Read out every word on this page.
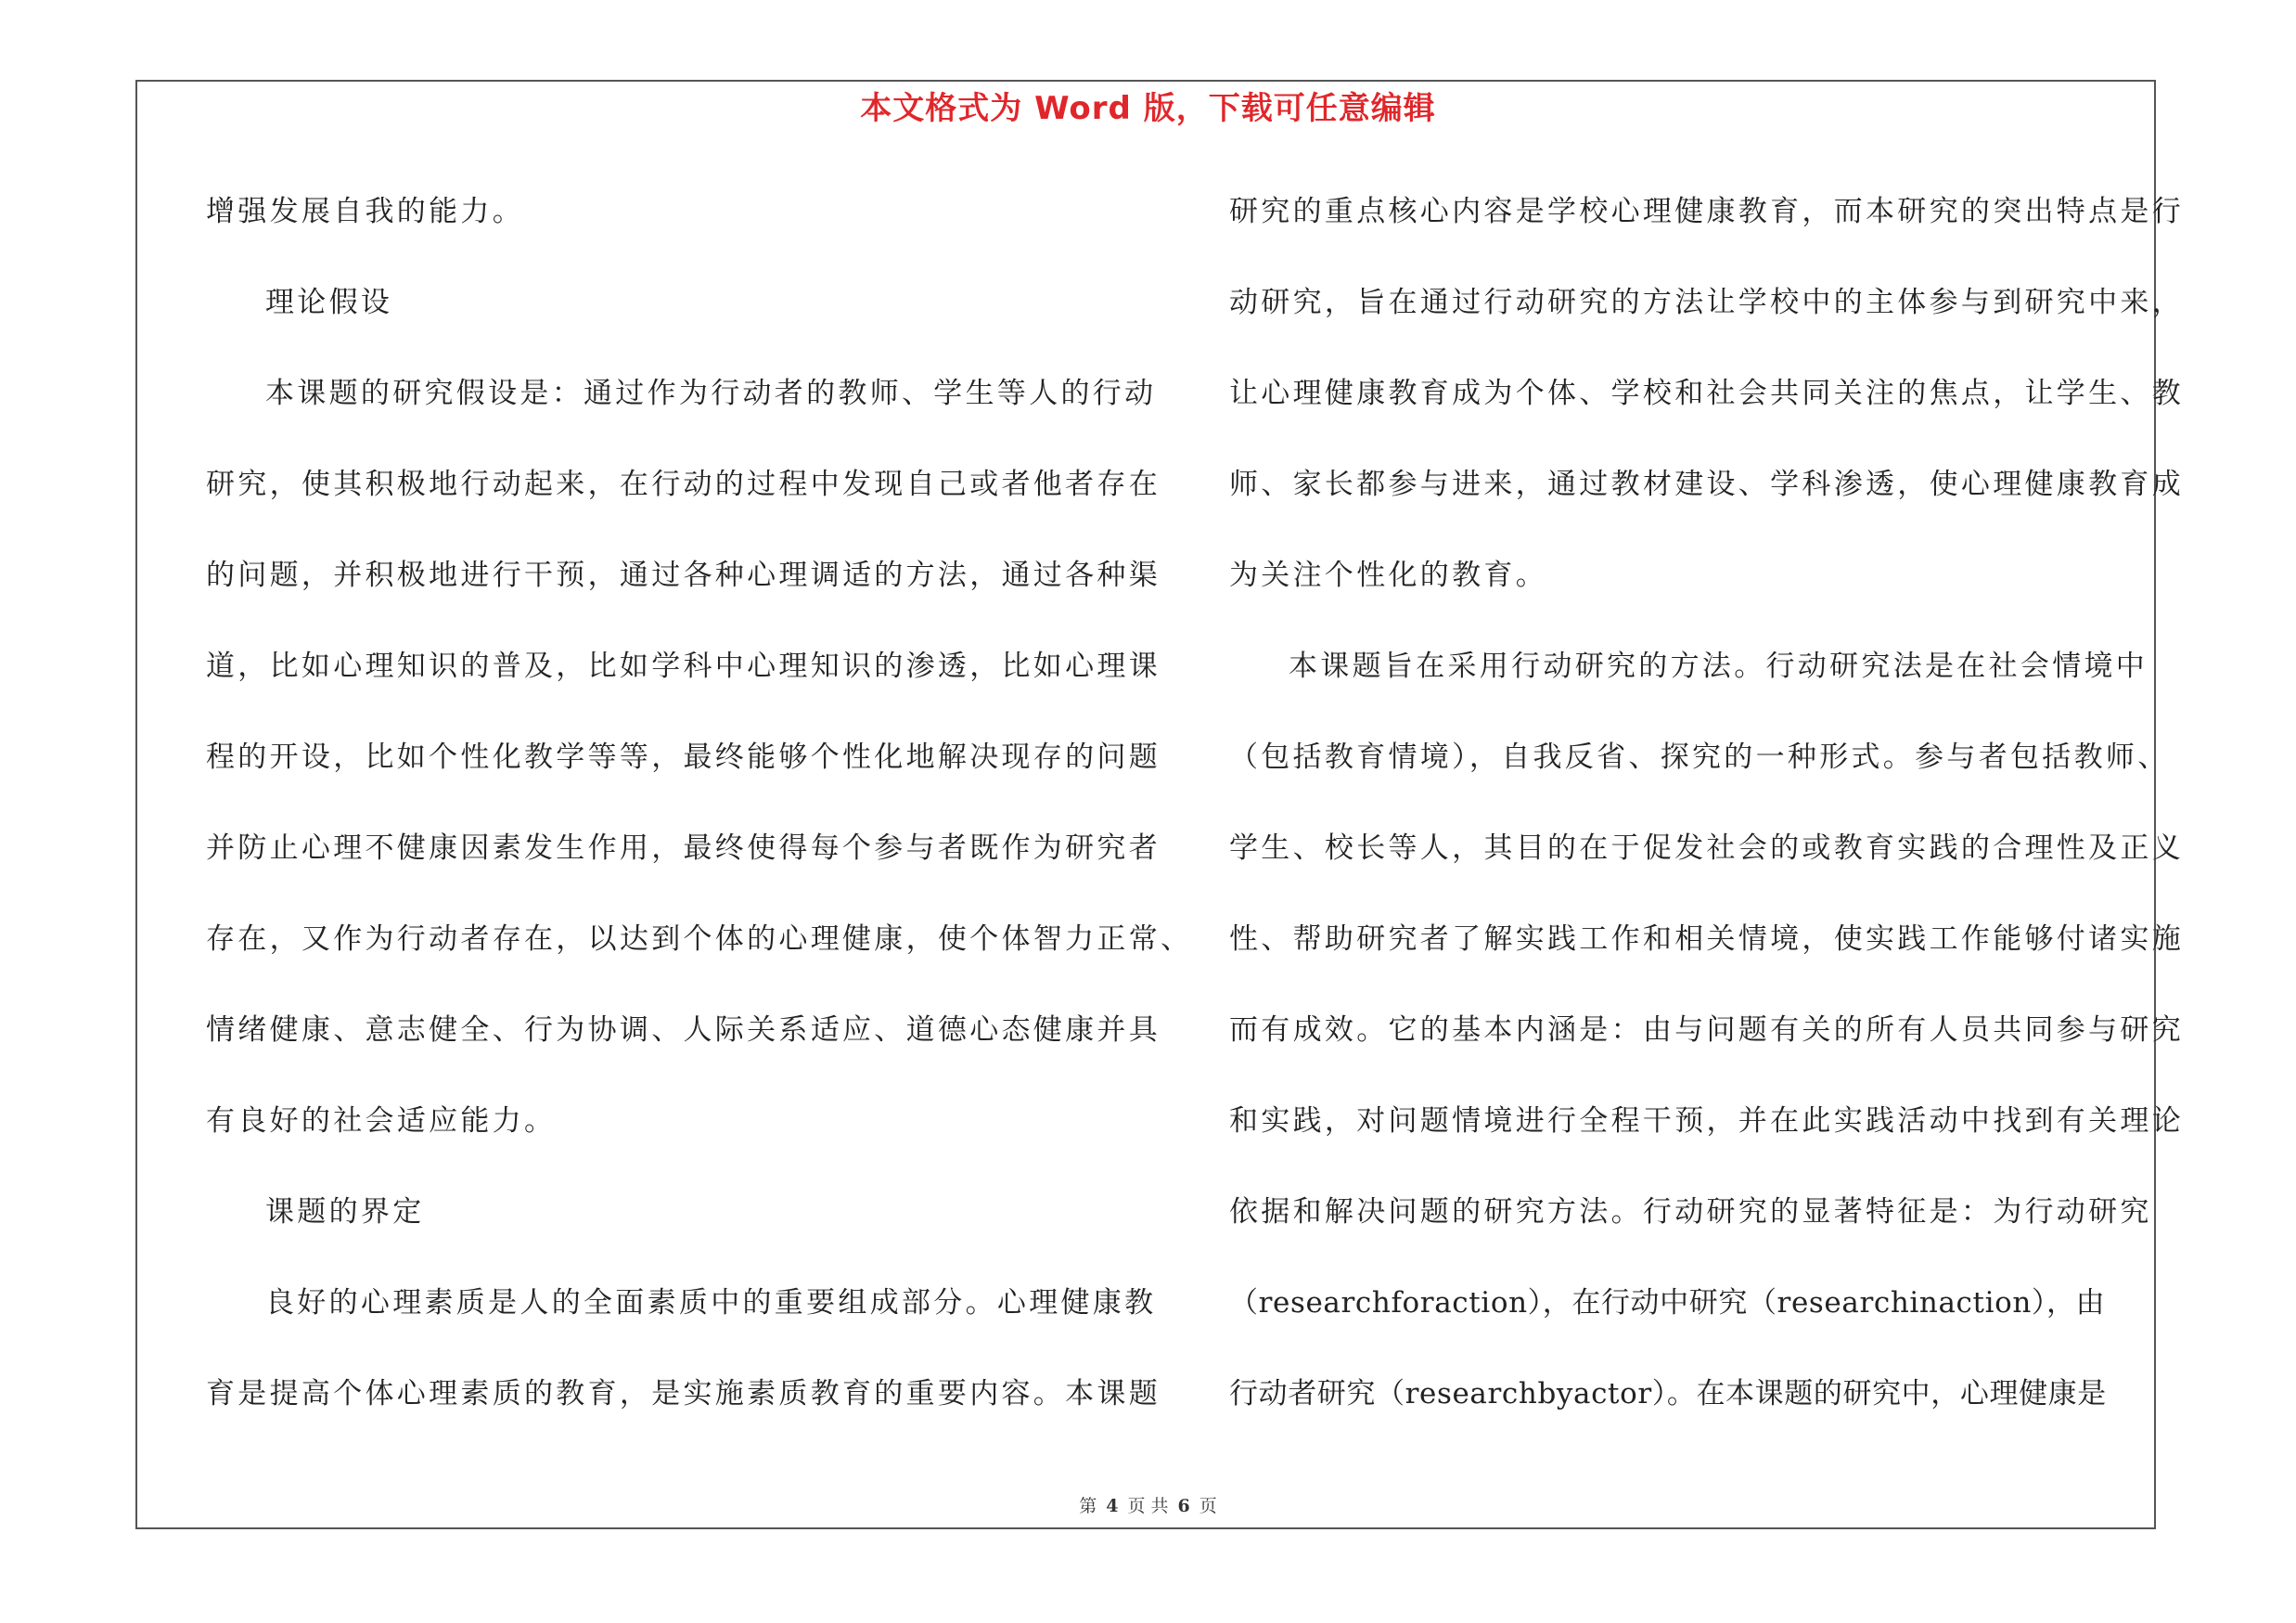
本文格式为 Word 版，下载可任意编辑
增强发展自我的能力。
理论假设
本课题的研究假设是：通过作为行动者的教师、学生等人的行动
研究，使其积极地行动起来，在行动的过程中发现自己或者他者存在
的问题，并积极地进行干预，通过各种心理调适的方法，通过各种渠
道，比如心理知识的普及，比如学科中心理知识的渗透，比如心理课
程的开设，比如个性化教学等等，最终能够个性化地解决现存的问题
并防止心理不健康因素发生作用，最终使得每个参与者既作为研究者
存在，又作为行动者存在，以达到个体的心理健康，使个体智力正常、
情绪健康、意志健全、行为协调、人际关系适应、道德心态健康并具
有良好的社会适应能力。
课题的界定
良好的心理素质是人的全面素质中的重要组成部分。心理健康教
育是提高个体心理素质的教育，是实施素质教育的重要内容。本课题
研究的重点核心内容是学校心理健康教育，而本研究的突出特点是行
动研究，旨在通过行动研究的方法让学校中的主体参与到研究中来，
让心理健康教育成为个体、学校和社会共同关注的焦点，让学生、教
师、家长都参与进来，通过教材建设、学科渗透，使心理健康教育成
为关注个性化的教育。
本课题旨在采用行动研究的方法。行动研究法是在社会情境中
（包括教育情境），自我反省、探究的一种形式。参与者包括教师、
学生、校长等人，其目的在于促发社会的或教育实践的合理性及正义
性、帮助研究者了解实践工作和相关情境，使实践工作能够付诸实施
而有成效。它的基本内涵是：由与问题有关的所有人员共同参与研究
和实践，对问题情境进行全程干预，并在此实践活动中找到有关理论
依据和解决问题的研究方法。行动研究的显著特征是：为行动研究
（researchforaction），在行动中研究（researchinaction），由
行动者研究（researchbyactor）。在本课题的研究中，心理健康是
第 4 页 共 6 页
